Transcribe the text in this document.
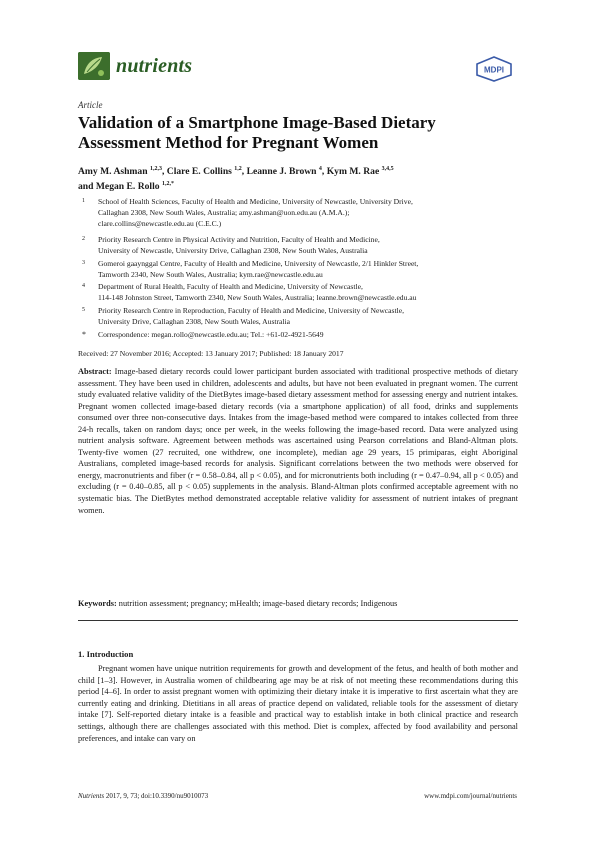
nutrients	MDPI
Article
Validation of a Smartphone Image-Based Dietary Assessment Method for Pregnant Women
Amy M. Ashman $^{1,2,3}$, Clare E. Collins $^{1,2}$, Leanne J. Brown $^4$, Kym M. Rae $^{3,4,5}$
and Megan E. Rollo $^{1,2,*}$
1 School of Health Sciences, Faculty of Health and Medicine, University of Newcastle, University Drive,
Callaghan 2308, New South Wales, Australia; amy.ashman@uon.edu.au (A.M.A.);
clare.collins@newcastle.edu.au (C.E.C.)
2 Priority Research Centre in Physical Activity and Nutrition, Faculty of Health and Medicine,
University of Newcastle, University Drive, Callaghan 2308, New South Wales, Australia
3 Gomeroi gaaynggal Centre, Faculty of Health and Medicine, University of Newcastle, 2/1 Hinkler Street,
Tamworth 2340, New South Wales, Australia; kym.rae@newcastle.edu.au
4 Department of Rural Health, Faculty of Health and Medicine, University of Newcastle,
114-148 Johnston Street, Tamworth 2340, New South Wales, Australia; leanne.brown@newcastle.edu.au
5 Priority Research Centre in Reproduction, Faculty of Health and Medicine, University of Newcastle,
University Drive, Callaghan 2308, New South Wales, Australia
* Correspondence: megan.rollo@newcastle.edu.au; Tel.: +61-02-4921-5649
Received: 27 November 2016; Accepted: 13 January 2017; Published: 18 January 2017
Abstract: Image-based dietary records could lower participant burden associated with traditional prospective methods of dietary assessment. They have been used in children, adolescents and adults, but have not been evaluated in pregnant women. The current study evaluated relative validity of the DietBytes image-based dietary assessment method for assessing energy and nutrient intakes. Pregnant women collected image-based dietary records (via a smartphone application) of all food, drinks and supplements consumed over three non-consecutive days. Intakes from the image-based method were compared to intakes collected from three 24-h recalls, taken on random days; once per week, in the weeks following the image-based record. Data were analyzed using nutrient analysis software. Agreement between methods was ascertained using Pearson correlations and Bland-Altman plots. Twenty-five women (27 recruited, one withdrew, one incomplete), median age 29 years, 15 primiparas, eight Aboriginal Australians, completed image-based records for analysis. Significant correlations between the two methods were observed for energy, macronutrients and fiber (r = 0.58–0.84, all p < 0.05), and for micronutrients both including (r = 0.47–0.94, all p < 0.05) and excluding (r = 0.40–0.85, all p < 0.05) supplements in the analysis. Bland-Altman plots confirmed acceptable agreement with no systematic bias. The DietBytes method demonstrated acceptable relative validity for assessment of nutrient intakes of pregnant women.
Keywords: nutrition assessment; pregnancy; mHealth; image-based dietary records; Indigenous
1. Introduction
Pregnant women have unique nutrition requirements for growth and development of the fetus, and health of both mother and child [1–3]. However, in Australia women of childbearing age may be at risk of not meeting these recommendations during this period [4–6]. In order to assist pregnant women with optimizing their dietary intake it is imperative to first ascertain what they are currently eating and drinking. Dietitians in all areas of practice depend on validated, reliable tools for the assessment of dietary intake [7]. Self-reported dietary intake is a feasible and practical way to establish intake in both clinical practice and research settings, although there are challenges associated with this method. Diet is complex, affected by food availability and personal preferences, and intake can vary on
Nutrients 2017, 9, 73; doi:10.3390/nu9010073	www.mdpi.com/journal/nutrients
